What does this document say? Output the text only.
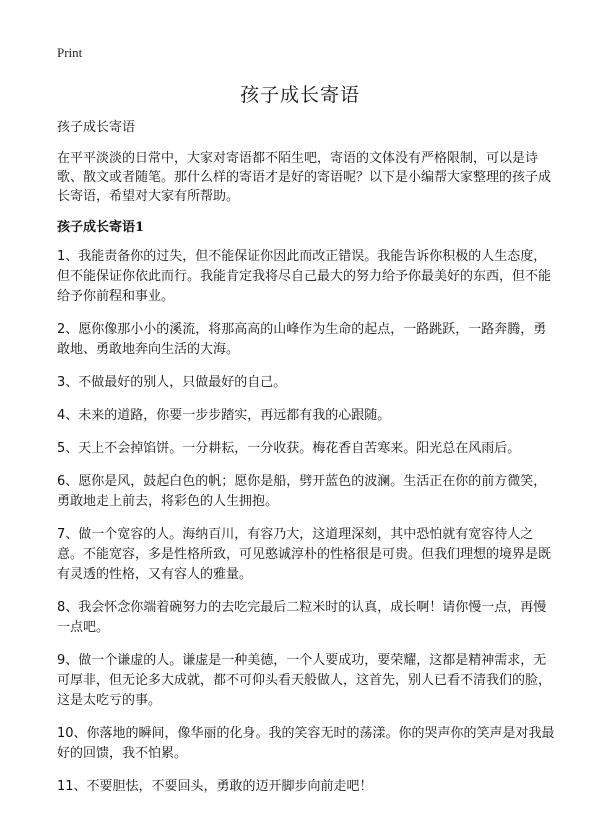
Print
孩子成长寄语

孩子成长寄语

在平平淡淡的日常中，大家对寄语都不陌生吧，寄语的文体没有严格限制，可以是诗歌、散文或者随笔。那什么样的寄语才是好的寄语呢？以下是小编帮大家整理的孩子成长寄语，希望对大家有所帮助。

孩子成长寄语1

1、我能责备你的过失，但不能保证你因此而改正错误。我能告诉你积极的人生态度，但不能保证你依此而行。我能肯定我将尽自己最大的努力给予你最美好的东西，但不能给予你前程和事业。

2、愿你像那小小的溪流，将那高高的山峰作为生命的起点，一路跳跃，一路奔腾，勇敢地、勇敢地奔向生活的大海。

3、不做最好的别人，只做最好的自己。

4、未来的道路，你要一步步踏实，再远都有我的心跟随。

5、天上不会掉馅饼。一分耕耘，一分收获。梅花香自苦寒来。阳光总在风雨后。

6、愿你是风，鼓起白色的帆；愿你是船，劈开蓝色的波澜。生活正在你的前方微笑，勇敢地走上前去，将彩色的人生拥抱。

7、做一个宽容的人。海纳百川，有容乃大，这道理深刻，其中恐怕就有宽容待人之意。不能宽容，多是性格所致，可见憨诚淳朴的性格很是可贵。但我们理想的境界是既有灵透的性格，又有容人的雅量。

8、我会怀念你端着碗努力的去吃完最后二粒米时的认真，成长啊！请你慢一点，再慢一点吧。

9、做一个谦虚的人。谦虚是一种美德，一个人要成功，要荣耀，这都是精神需求，无可厚非，但无论多大成就，都不可仰头看天般做人，这首先，别人已看不清我们的脸，这是太吃亏的事。

10、你落地的瞬间，像华丽的化身。我的笑容无时的荡漾。你的哭声你的笑声是对我最好的回馈，我不怕累。

11、不要胆怯，不要回头，勇敢的迈开脚步向前走吧！
